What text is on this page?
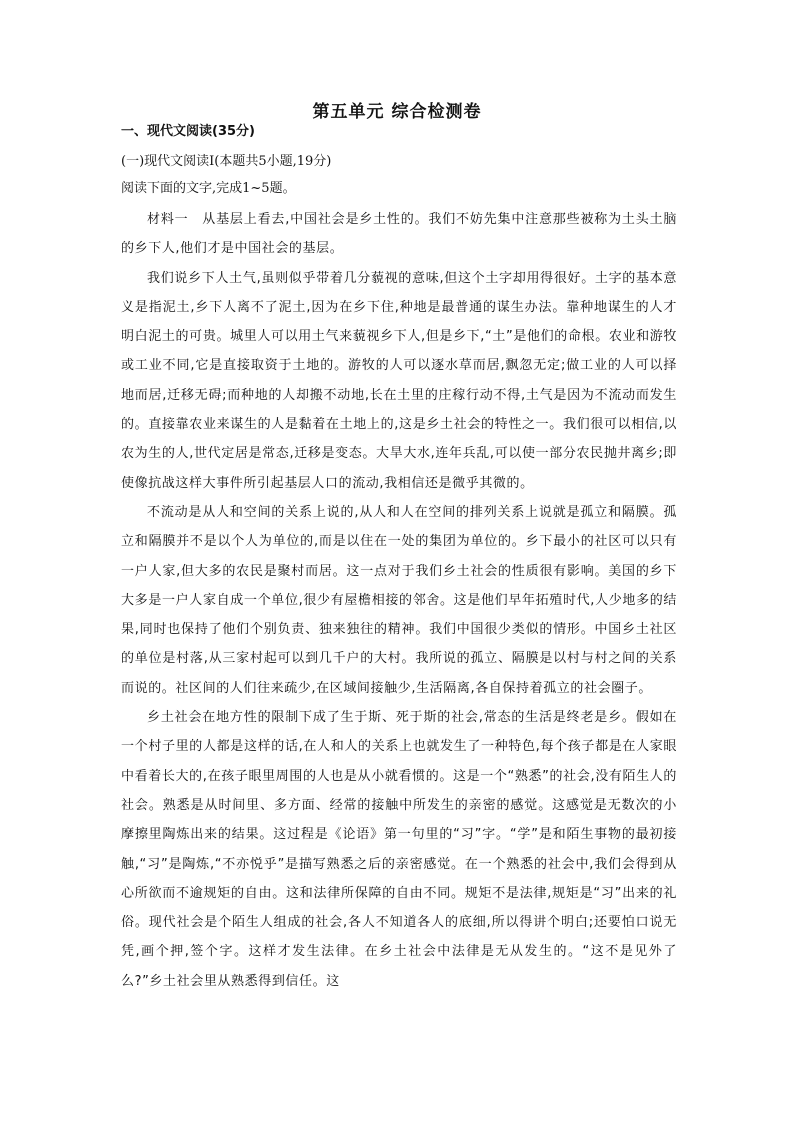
第五单元 综合检测卷
一、现代文阅读(35分)
(一)现代文阅读Ⅰ(本题共5小题,19分)
阅读下面的文字,完成1~5题。

材料一　从基层上看去,中国社会是乡土性的。我们不妨先集中注意那些被称为土头土脑的乡下人,他们才是中国社会的基层。

我们说乡下人土气,虽则似乎带着几分藐视的意味,但这个土字却用得很好。土字的基本意义是指泥土,乡下人离不了泥土,因为在乡下住,种地是最普通的谋生办法。靠种地谋生的人才明白泥土的可贵。城里人可以用土气来藐视乡下人,但是乡下,“土”是他们的命根。农业和游牧或工业不同,它是直接取资于土地的。游牧的人可以逐水草而居,飘忽无定;做工业的人可以择地而居,迁移无碍;而种地的人却搬不动地,长在土里的庄稼行动不得,土气是因为不流动而发生的。直接靠农业来谋生的人是黏着在土地上的,这是乡土社会的特性之一。我们很可以相信,以农为生的人,世代定居是常态,迁移是变态。大旱大水,连年兵乱,可以使一部分农民抛井离乡;即使像抗战这样大事件所引起基层人口的流动,我相信还是微乎其微的。

不流动是从人和空间的关系上说的,从人和人在空间的排列关系上说就是孤立和隔膜。孤立和隔膜并不是以个人为单位的,而是以住在一处的集团为单位的。乡下最小的社区可以只有一户人家,但大多的农民是聚村而居。这一点对于我们乡土社会的性质很有影响。美国的乡下大多是一户人家自成一个单位,很少有屋檐相接的邻舍。这是他们早年拓殖时代,人少地多的结果,同时也保持了他们个别负责、独来独往的精神。我们中国很少类似的情形。中国乡土社区的单位是村落,从三家村起可以到几千户的大村。我所说的孤立、隔膜是以村与村之间的关系而说的。社区间的人们往来疏少,在区域间接触少,生活隔离,各自保持着孤立的社会圈子。

乡土社会在地方性的限制下成了生于斯、死于斯的社会,常态的生活是终老是乡。假如在一个村子里的人都是这样的话,在人和人的关系上也就发生了一种特色,每个孩子都是在人家眼中看着长大的,在孩子眼里周围的人也是从小就看惯的。这是一个“熟悉”的社会,没有陌生人的社会。熟悉是从时间里、多方面、经常的接触中所发生的亲密的感觉。这感觉是无数次的小摩擦里陶炼出来的结果。这过程是《论语》第一句里的“习”字。“学”是和陌生事物的最初接触,“习”是陶炼,“不亦悦乎”是描写熟悉之后的亲密感觉。在一个熟悉的社会中,我们会得到从心所欲而不逾规矩的自由。这和法律所保障的自由不同。规矩不是法律,规矩是“习”出来的礼俗。现代社会是个陌生人组成的社会,各人不知道各人的底细,所以得讲个明白;还要怕口说无凭,画个押,签个字。这样才发生法律。在乡土社会中法律是无从发生的。“这不是见外了么?”乡土社会里从熟悉得到信任。这
